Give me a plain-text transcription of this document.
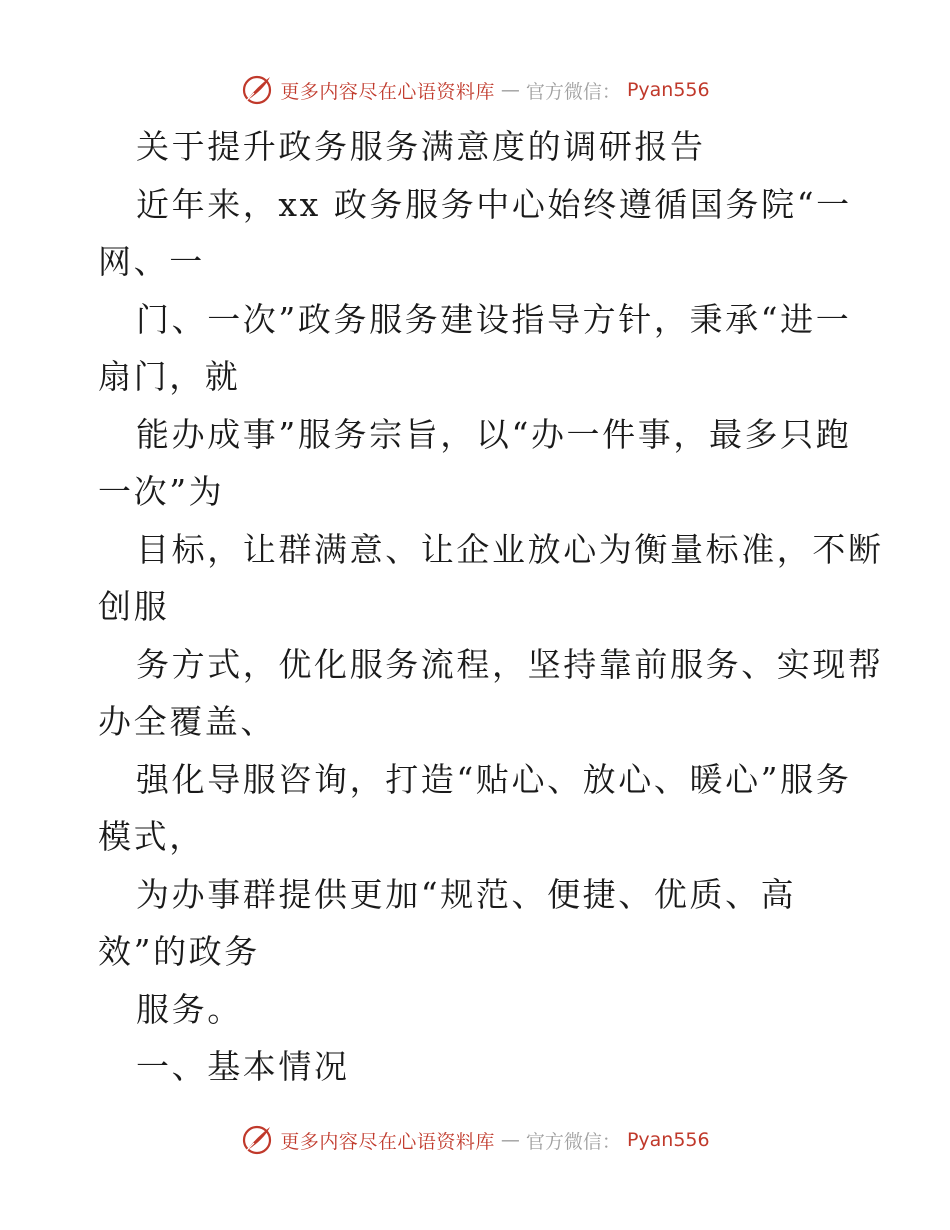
更多内容尽在心语资料库 — 官方微信： Pyan556
关于提升政务服务满意度的调研报告
近年来，xx 政务服务中心始终遵循国务院“一
网、一
门、一次”政务服务建设指导方针，秉承“进一
扇门，就
能办成事”服务宗旨，以“办一件事，最多只跑
一次”为
目标，让群满意、让企业放心为衡量标准，不断
创服
务方式，优化服务流程，坚持靠前服务、实现帮
办全覆盖、
强化导服咨询，打造“贴心、放心、暖心”服务
模式，
为办事群提供更加“规范、便捷、优质、高
效”的政务
服务。
一、基本情况
更多内容尽在心语资料库 — 官方微信： Pyan556
